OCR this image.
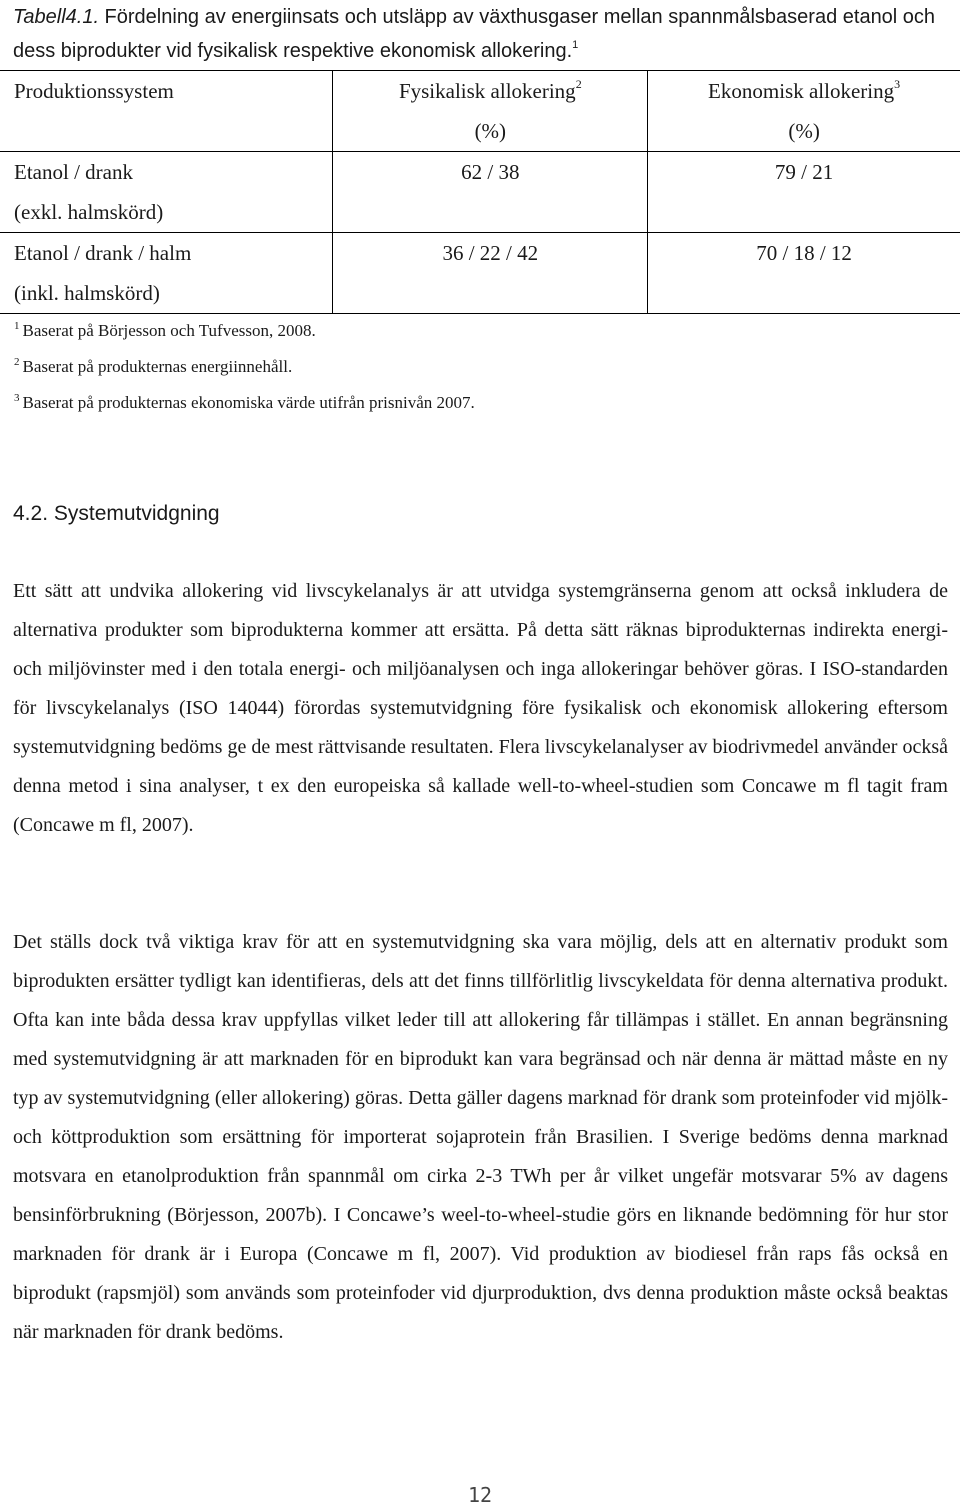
Tabell4.1. Fördelning av energiinsats och utsläpp av växthusgaser mellan spannmålsbaserad etanol och dess biprodukter vid fysikalisk respektive ekonomisk allokering.$^1$
Produktionssystem	Fysikalisk allokering$^2$	Ekonomisk allokering$^3$
	(%)	(%)
Etanol / drank	62 / 38	79 / 21
(exkl. halmskörd)		
Etanol / drank / halm	36 / 22 / 42	70 / 18 / 12
(inkl. halmskörd)		
$^1$ Baserat på Börjesson och Tufvesson, 2008.
$^2$ Baserat på produkternas energiinnehåll.
$^3$ Baserat på produkternas ekonomiska värde utifrån prisnivån 2007.
4.2. Systemutvidgning
Ett sätt att undvika allokering vid livscykelanalys är att utvidga systemgränserna genom att också inkludera de alternativa produkter som biprodukterna kommer att ersätta. På detta sätt räknas biprodukternas indirekta energi- och miljövinster med i den totala energi- och miljöanalysen och inga allokeringar behöver göras. I ISO-standarden för livscykelanalys (ISO 14044) förordas systemutvidgning före fysikalisk och ekonomisk allokering eftersom systemutvidgning bedöms ge de mest rättvisande resultaten. Flera livscykelanalyser av biodrivmedel använder också denna metod i sina analyser, t ex den europeiska så kallade well-to-wheel-studien som Concawe m fl tagit fram (Concawe m fl, 2007).
Det ställs dock två viktiga krav för att en systemutvidgning ska vara möjlig, dels att en alternativ produkt som biprodukten ersätter tydligt kan identifieras, dels att det finns tillförlitlig livscykeldata för denna alternativa produkt. Ofta kan inte båda dessa krav uppfyllas vilket leder till att allokering får tillämpas i stället. En annan begränsning med systemutvidgning är att marknaden för en biprodukt kan vara begränsad och när denna är mättad måste en ny typ av systemutvidgning (eller allokering) göras. Detta gäller dagens marknad för drank som proteinfoder vid mjölk- och köttproduktion som ersättning för importerat sojaprotein från Brasilien. I Sverige bedöms denna marknad motsvara en etanolproduktion från spannmål om cirka 2-3 TWh per år vilket ungefär motsvarar 5% av dagens bensinförbrukning (Börjesson, 2007b). I Concawe’s weel-to-wheel-studie görs en liknande bedömning för hur stor marknaden för drank är i Europa (Concawe m fl, 2007). Vid produktion av biodiesel från raps fås också en biprodukt (rapsmjöl) som används som proteinfoder vid djurproduktion, dvs denna produktion måste också beaktas när marknaden för drank bedöms.
12
